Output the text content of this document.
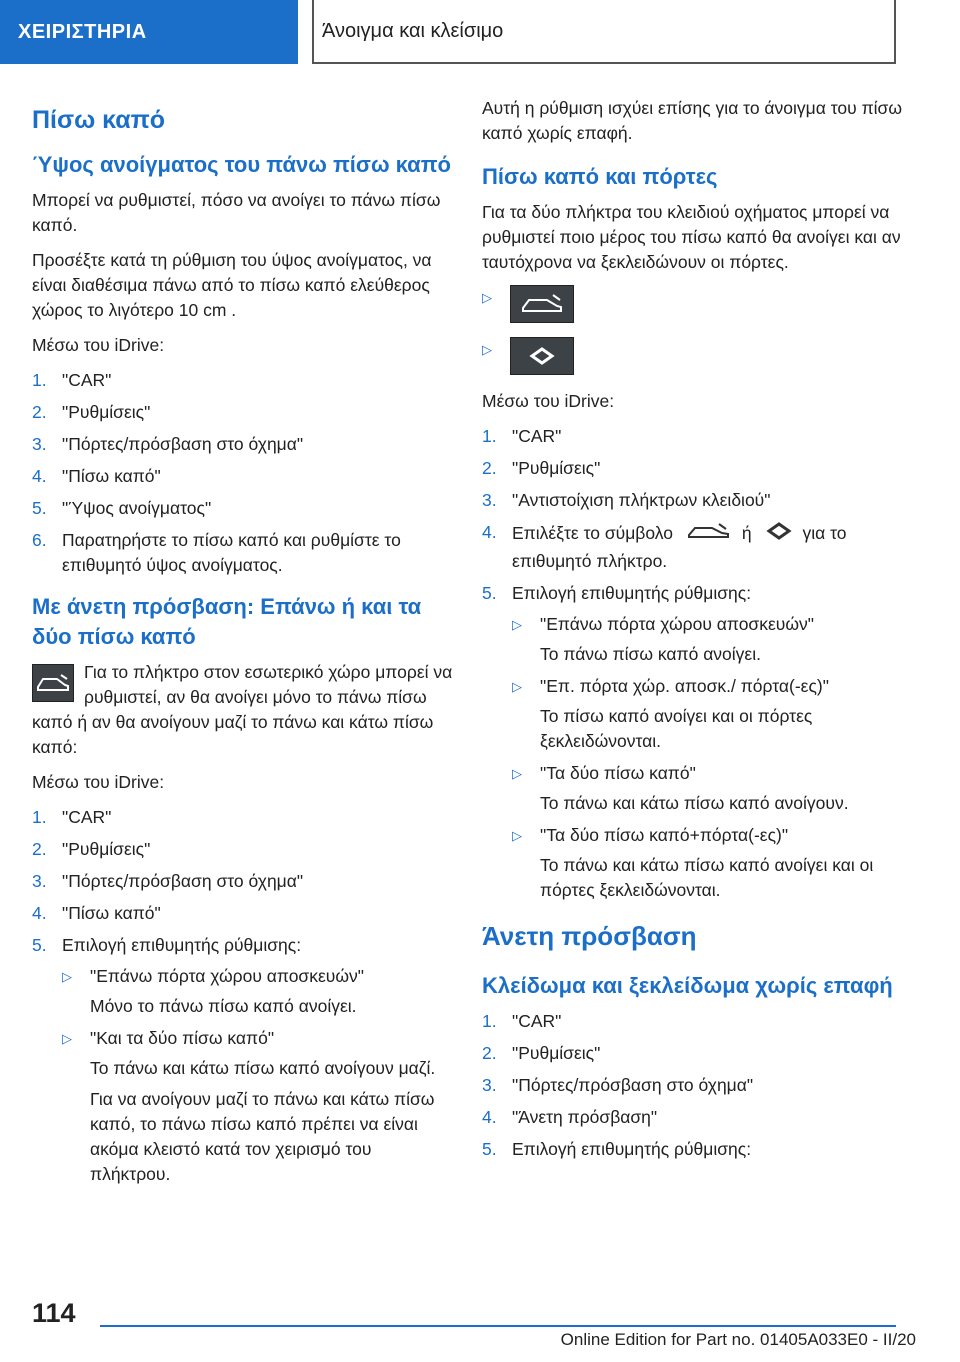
ΧΕΙΡΙΣΤΗΡΙΑ	Άνοιγμα και κλείσιμο
Πίσω καπό
Ύψος ανοίγματος του πάνω πίσω καπό

Μπορεί να ρυθμιστεί, πόσο να ανοίγει το πάνω πίσω καπό.

Προσέξτε κατά τη ρύθμιση του ύψος ανοίγματος, να είναι διαθέσιμα πάνω από το πίσω καπό ελεύθερος χώρος το λιγότερο 10 cm .

Μέσω του iDrive:

1. "CAR"
2. "Ρυθμίσεις"
3. "Πόρτες/πρόσβαση στο όχημα"
4. "Πίσω καπό"
5. "Ύψος ανοίγματος"
6. Παρατηρήστε το πίσω καπό και ρυθμίστε το επιθυμητό ύψος ανοίγματος.
Με άνετη πρόσβαση: Επάνω ή και τα δύο πίσω καπό

Για το πλήκτρο στον εσωτερικό χώρο μπορεί να ρυθμιστεί, αν θα ανοίγει μόνο το πάνω πίσω καπό ή αν θα ανοίγουν μαζί το πάνω και κάτω πίσω καπό:

Μέσω του iDrive:

1. "CAR"
2. "Ρυθμίσεις"
3. "Πόρτες/πρόσβαση στο όχημα"
4. "Πίσω καπό"
5. Επιλογή επιθυμητής ρύθμισης:
▷ "Επάνω πόρτα χώρου αποσκευών"
Μόνο το πάνω πίσω καπό ανοίγει.
▷ "Και τα δύο πίσω καπό"
Το πάνω και κάτω πίσω καπό ανοίγουν μαζί.
Για να ανοίγουν μαζί το πάνω και κάτω πίσω καπό, το πάνω πίσω καπό πρέπει να είναι ακόμα κλειστό κατά τον χειρισμό του πλήκτρου.

Αυτή η ρύθμιση ισχύει επίσης για το άνοιγμα του πίσω καπό χωρίς επαφή.

Πίσω καπό και πόρτες

Για τα δύο πλήκτρα του κλειδιού οχήματος μπορεί να ρυθμιστεί ποιο μέρος του πίσω καπό θα ανοίγει και αν ταυτόχρονα να ξεκλειδώνουν οι πόρτες.

▷
▷

Μέσω του iDrive:

1. "CAR"
2. "Ρυθμίσεις"
3. "Αντιστοίχιση πλήκτρων κλειδιού"
4. Επιλέξτε το σύμβολο	ή	για το επιθυμητό πλήκτρο.
5. Επιλογή επιθυμητής ρύθμισης:
▷ "Επάνω πόρτα χώρου αποσκευών"
Το πάνω πίσω καπό ανοίγει.
▷ "Επ. πόρτα χώρ. αποσκ./ πόρτα(-ες)"
Το πίσω καπό ανοίγει και οι πόρτες ξεκλειδώνονται.
▷ "Τα δύο πίσω καπό"
Το πάνω και κάτω πίσω καπό ανοίγουν.
▷ "Τα δύο πίσω καπό+πόρτα(-ες)"
Το πάνω και κάτω πίσω καπό ανοίγει και οι πόρτες ξεκλειδώνονται.
Άνετη πρόσβαση
Κλείδωμα και ξεκλείδωμα χωρίς επαφή
1. "CAR"
2. "Ρυθμίσεις"
3. "Πόρτες/πρόσβαση στο όχημα"
4. "Άνετη πρόσβαση"
5. Επιλογή επιθυμητής ρύθμισης:
114
Online Edition for Part no. 01405A033E0 - II/20
